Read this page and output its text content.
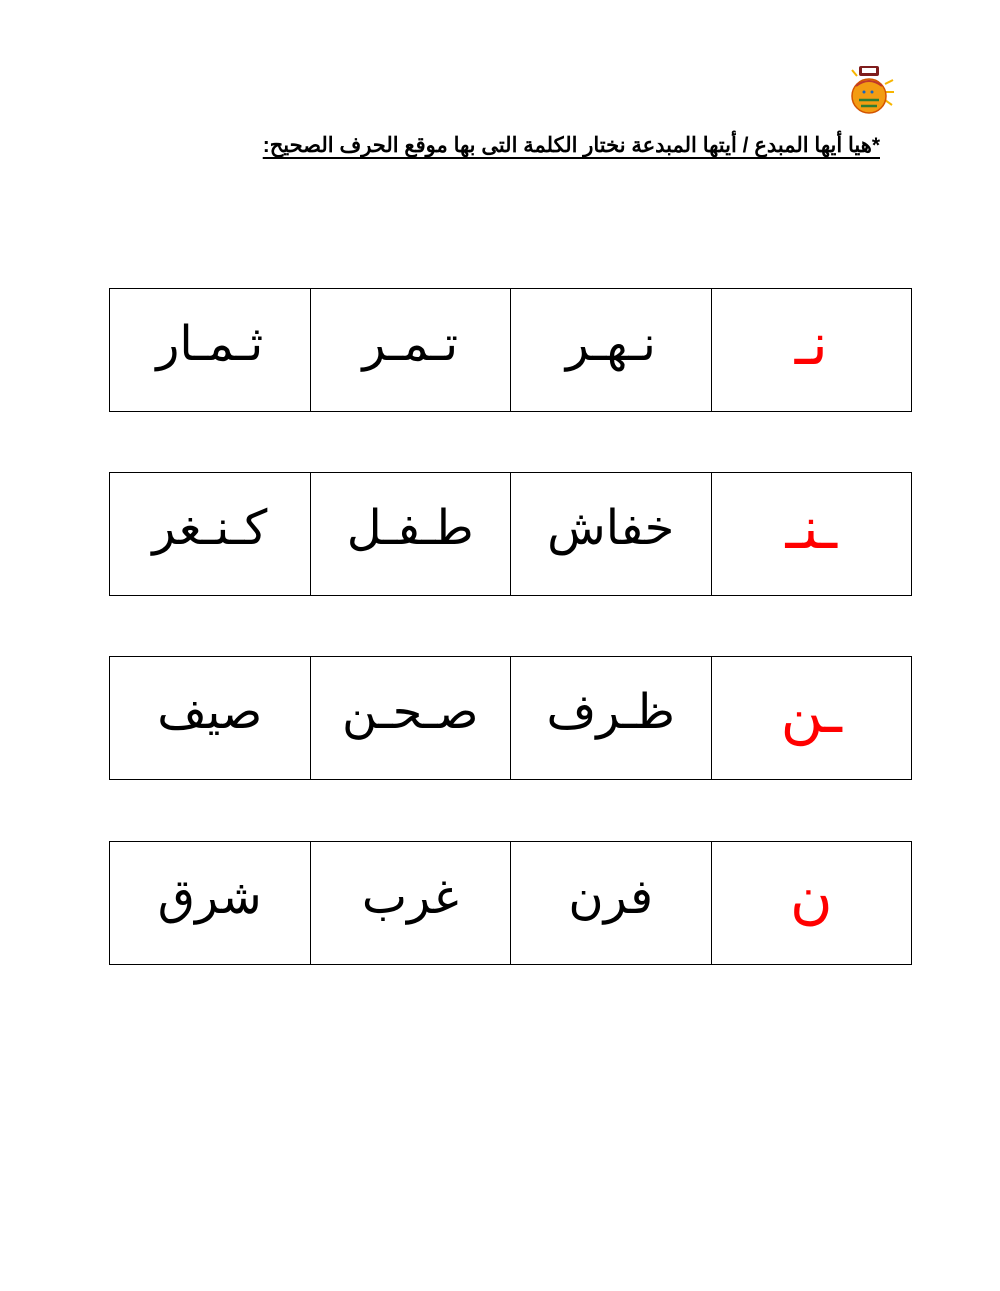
*هيا أيها المبدع / أيتها المبدعة نختار الكلمة التى بها موقع الحرف الصحيح:
نـ
نـهـر
تـمـر
ثـمـار
ـنـ
خفاش
طـفـل
كـنـغر
ـن
ظـرف
صـحـن
صيف
ن
فرن
غرب
شرق
